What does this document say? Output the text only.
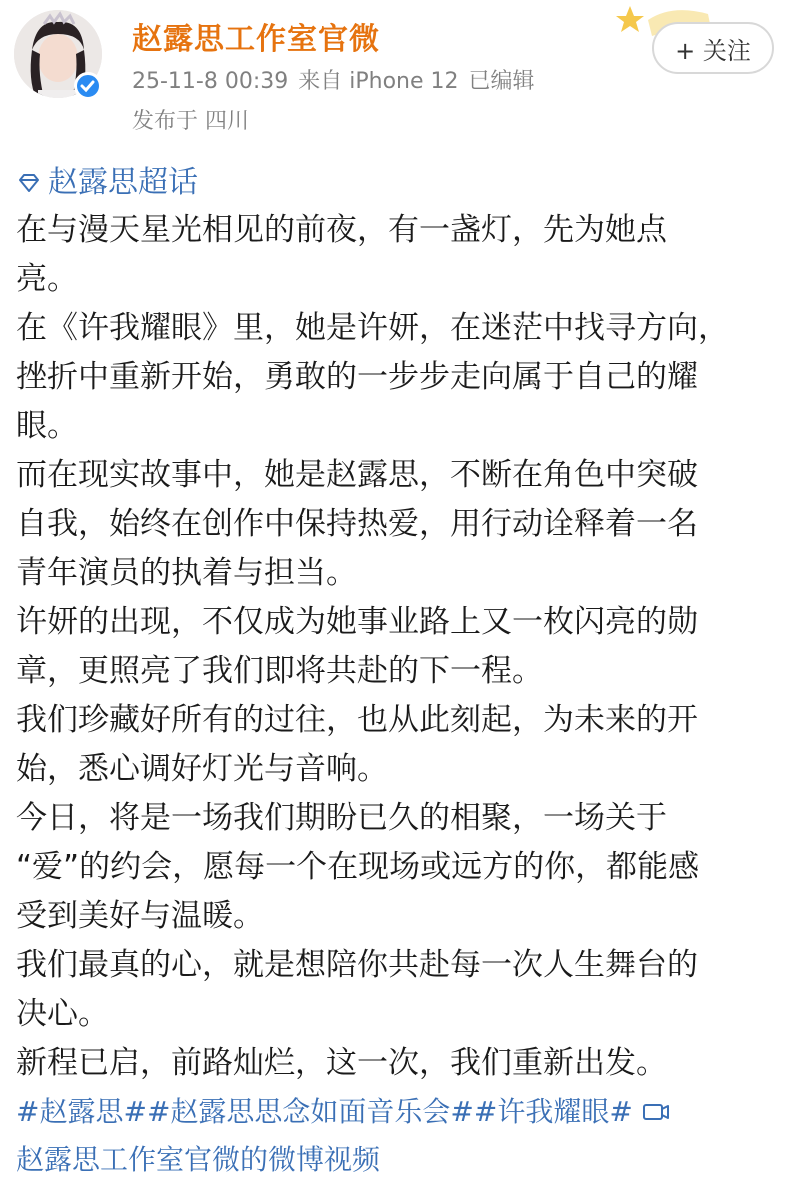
赵露思工作室官微
25-11-8 00:39 来自 iPhone 12 已编辑
发布于 四川
+ 关注
赵露思超话

在与漫天星光相见的前夜，有一盏灯，先为她点

亮。

在《许我耀眼》里，她是许妍，在迷茫中找寻方向，

挫折中重新开始，勇敢的一步步走向属于自己的耀

眼。

而在现实故事中，她是赵露思，不断在角色中突破

自我，始终在创作中保持热爱，用行动诠释着一名

青年演员的执着与担当。

许妍的出现，不仅成为她事业路上又一枚闪亮的勋

章，更照亮了我们即将共赴的下一程。

我们珍藏好所有的过往，也从此刻起，为未来的开

始，悉心调好灯光与音响。

今日，将是一场我们期盼已久的相聚，一场关于

“爱”的约会，愿每一个在现场或远方的你，都能感

受到美好与温暖。

我们最真的心，就是想陪你共赴每一次人生舞台的

决心。

新程已启，前路灿烂，这一次，我们重新出发。

#赵露思# #赵露思思念如面音乐会# #许我耀眼#
赵露思工作室官微的微博视频
